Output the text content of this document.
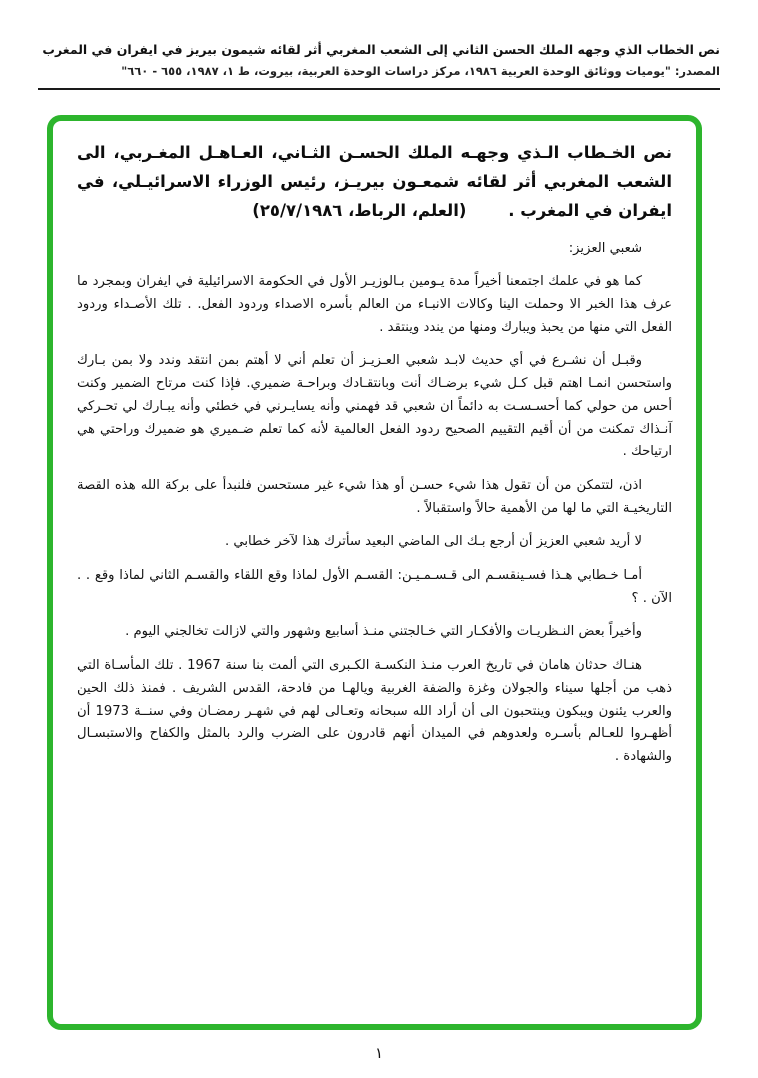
نص الخطاب الذي وجهه الملك الحسن الثاني إلى الشعب المغربي أثر لقائه شيمون بيريز في ايفران في المغرب
المصدر: "يوميات ووثائق الوحدة العربية ١٩٨٦، مركز دراسات الوحدة العربية، بيروت، ط ١، ١٩٨٧، ٦٥٥ - ٦٦٠"

نص الخـطاب الـذي وجهـه الملك الحسـن الثـاني، العـاهـل المغـربي، الى الشعب المغربي أثر لقائه شمعـون بيريـز، رئيس الوزراء الاسرائيـلي، في ايفران في المغرب . (العلم، الرباط، ٢٥/٧/١٩٨٦)

شعبي العزيز:

كما هو في علمك اجتمعنا أخيراً مدة يـومين بـالوزيـر الأول في الحكومة الاسرائيلية في ايفران وبمجرد ما عرف هذا الخبر الا وحملت الينا وكالات الانبـاء من العالم بأسره الاصداء وردود الفعل. . تلك الأصـداء وردود الفعل التي منها من يحبذ ويبارك ومنها من يندد وينتقد .

وقبـل أن نشـرع في أي حديث لابـد شعبي العـزيـز أن تعلم أني لا أهتم بمن انتقد وندد ولا بمن بـارك واستحسن انمـا اهتم قبل كـل شيء برضـاك أنت وبانتقـادك وبراحـة ضميري. فإذا كنت مرتاح الضمير وكنت أحس من حولي كما أحسـسـت به دائماً ان شعبي قد فهمني وأنه يسايـرني في خطئي وأنه يبـارك لي تحـركي آنـذاك تمكنت من أن أقيم التقييم الصحيح ردود الفعل العالمية لأنه كما تعلم ضـميري هو ضميرك وراحتي هي ارتياحك .

اذن، لتتمكن من أن تقول هذا شيء حسـن أو هذا شيء غير مستحسن فلنبدأ على بركة الله هذه القصة التاريخيـة التي ما لها من الأهمية حالاً واستقبالاً .

لا أريد شعبي العزيز أن أرجع بـك الى الماضي البعيد سأترك هذا لآخر خطابي .

أمـا خـطابي هـذا فسـينقسـم الى قـسـمـيـن: القسـم الأول لماذا وقع اللقاء والقسـم الثاني لماذا وقع . . الآن . ؟

وأخيراً بعض النـظريـات والأفكـار التي خـالجتني منـذ أسابيع وشهور والتي لازالت تخالجني اليوم .

هنـاك حدثان هامان في تاريخ العرب منـذ النكسـة الكـبرى التي ألمت بنا سنة 1967 . تلك المأسـاة التي ذهب من أجلها سيناء والجولان وغزة والضفة الغربية ويالهـا من فادحة، القدس الشريف . فمنذ ذلك الحين والعرب يئنون ويبكون وينتحبون الى أن أراد الله سبحانه وتعـالى لهم في شهـر رمضـان وفي سنــة 1973 أن أظهـروا للعـالم بأسـره ولعدوهم في الميدان أنهم قادرون على الضرب والرد بالمثل والكفاح والاستبسـال والشهادة .

١
